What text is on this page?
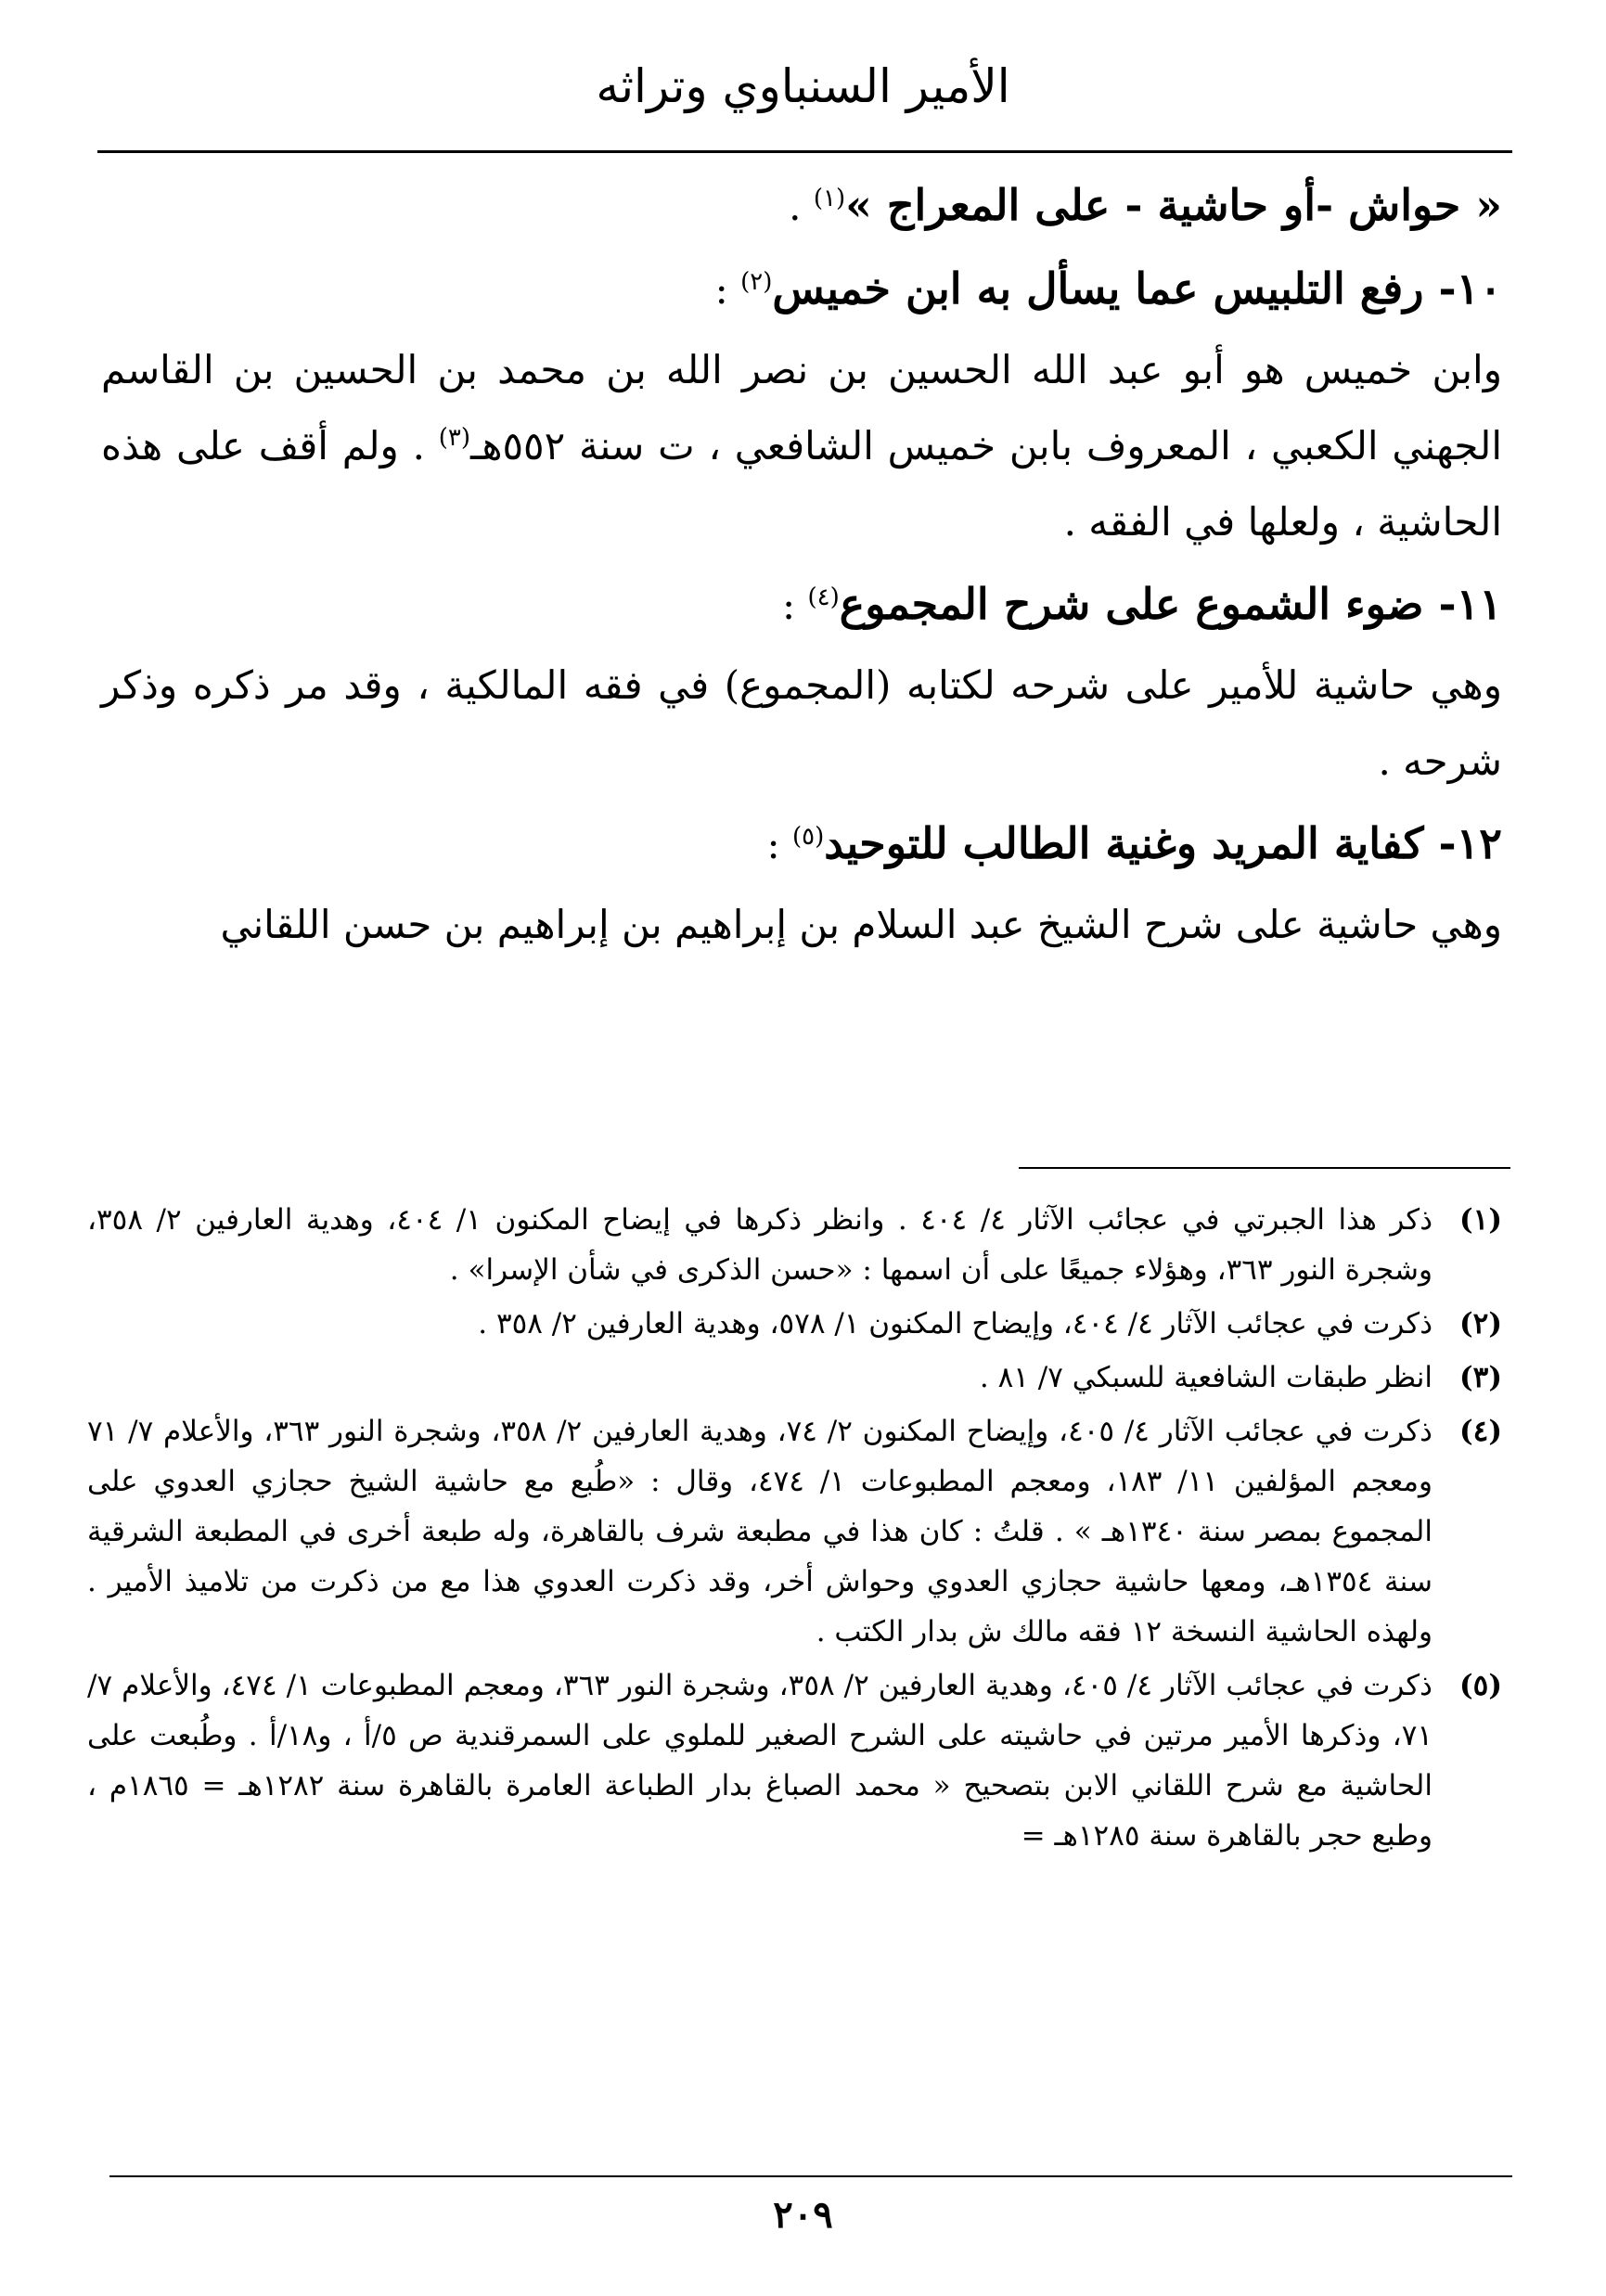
الأمير السنباوي وتراثه

« حواش -أو حاشية - على المعراج »$^{(١)}$ .

١٠- رفع التلبيس عما يسأل به ابن خميس$^{(٢)}$ :

وابن خميس هو أبو عبد الله الحسين بن نصر الله بن محمد بن الحسين بن القاسم الجهني الكعبي ، المعروف بابن خميس الشافعي ، ت سنة ٥٥٢هـ$^{(٣)}$ . ولم أقف على هذه الحاشية ، ولعلها في الفقه .

١١- ضوء الشموع على شرح المجموع$^{(٤)}$ :

وهي حاشية للأمير على شرحه لكتابه (المجموع) في فقه المالكية ، وقد مر ذكره وذكر شرحه .

١٢- كفاية المريد وغنية الطالب للتوحيد$^{(٥)}$ :

وهي حاشية على شرح الشيخ عبد السلام بن إبراهيم بن إبراهيم بن حسن اللقاني

(١)
ذكر هذا الجبرتي في عجائب الآثار ٤/ ٤٠٤ . وانظر ذكرها في إيضاح المكنون ١/ ٤٠٤، وهدية العارفين ٢/ ٣٥٨، وشجرة النور ٣٦٣، وهؤلاء جميعًا على أن اسمها : «حسن الذكرى في شأن الإسرا» .
(٢)
ذكرت في عجائب الآثار ٤/ ٤٠٤، وإيضاح المكنون ١/ ٥٧٨، وهدية العارفين ٢/ ٣٥٨ .
(٣)
انظر طبقات الشافعية للسبكي ٧/ ٨١ .
(٤)
ذكرت في عجائب الآثار ٤/ ٤٠٥، وإيضاح المكنون ٢/ ٧٤، وهدية العارفين ٢/ ٣٥٨، وشجرة النور ٣٦٣، والأعلام ٧/ ٧١ ومعجم المؤلفين ١١/ ١٨٣، ومعجم المطبوعات ١/ ٤٧٤، وقال : «طُبع مع حاشية الشيخ حجازي العدوي على المجموع بمصر سنة ١٣٤٠هـ » . قلتُ : كان هذا في مطبعة شرف بالقاهرة، وله طبعة أخرى في المطبعة الشرقية سنة ١٣٥٤هـ، ومعها حاشية حجازي العدوي وحواش أخر، وقد ذكرت العدوي هذا مع من ذكرت من تلاميذ الأمير . ولهذه الحاشية النسخة ١٢ فقه مالك ش بدار الكتب .
(٥)
ذكرت في عجائب الآثار ٤/ ٤٠٥، وهدية العارفين ٢/ ٣٥٨، وشجرة النور ٣٦٣، ومعجم المطبوعات ١/ ٤٧٤، والأعلام ٧/ ٧١، وذكرها الأمير مرتين في حاشيته على الشرح الصغير للملوي على السمرقندية ص ٥/أ ، و١٨/أ . وطُبعت على الحاشية مع شرح اللقاني الابن بتصحيح « محمد الصباغ بدار الطباعة العامرة بالقاهرة سنة ١٢٨٢هـ = ١٨٦٥م ، وطبع حجر بالقاهرة سنة ١٢٨٥هـ =
٢٠٩
